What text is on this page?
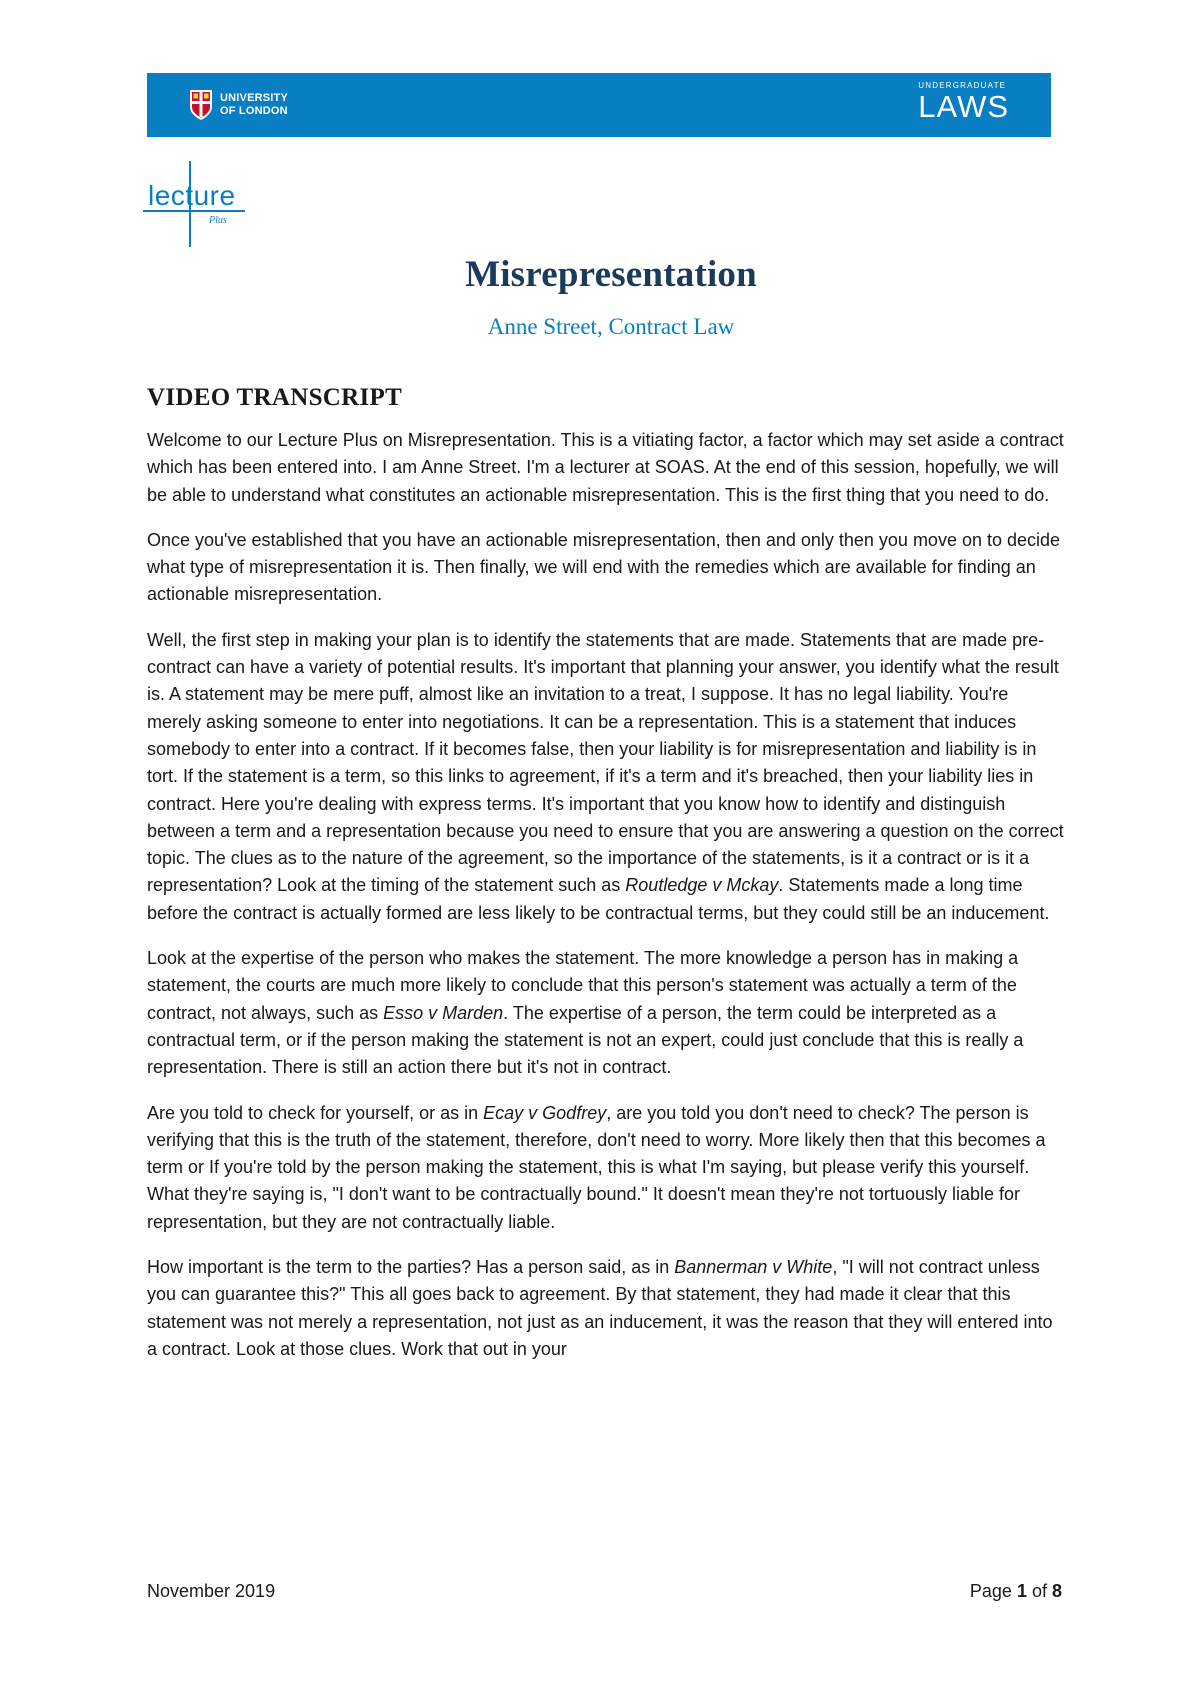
UNIVERSITY
OF LONDON
UNDERGRADUATE
LAWS
lecture
Plus
Misrepresentation
Anne Street, Contract Law
VIDEO TRANSCRIPT

Welcome to our Lecture Plus on Misrepresentation. This is a vitiating factor, a factor which may set aside a contract which has been entered into. I am Anne Street. I'm a lecturer at SOAS. At the end of this session, hopefully, we will be able to understand what constitutes an actionable misrepresentation. This is the first thing that you need to do.

Once you've established that you have an actionable misrepresentation, then and only then you move on to decide what type of misrepresentation it is. Then finally, we will end with the remedies which are available for finding an actionable misrepresentation.

Well, the first step in making your plan is to identify the statements that are made. Statements that are made pre-contract can have a variety of potential results. It's important that planning your answer, you identify what the result is. A statement may be mere puff, almost like an invitation to a treat, I suppose. It has no legal liability. You're merely asking someone to enter into negotiations. It can be a representation. This is a statement that induces somebody to enter into a contract. If it becomes false, then your liability is for misrepresentation and liability is in tort. If the statement is a term, so this links to agreement, if it's a term and it's breached, then your liability lies in contract. Here you're dealing with express terms. It's important that you know how to identify and distinguish between a term and a representation because you need to ensure that you are answering a question on the correct topic. The clues as to the nature of the agreement, so the importance of the statements, is it a contract or is it a representation? Look at the timing of the statement such as Routledge v Mckay. Statements made a long time before the contract is actually formed are less likely to be contractual terms, but they could still be an inducement.

Look at the expertise of the person who makes the statement. The more knowledge a person has in making a statement, the courts are much more likely to conclude that this person's statement was actually a term of the contract, not always, such as Esso v Marden. The expertise of a person, the term could be interpreted as a contractual term, or if the person making the statement is not an expert, could just conclude that this is really a representation. There is still an action there but it's not in contract.

Are you told to check for yourself, or as in Ecay v Godfrey, are you told you don't need to check? The person is verifying that this is the truth of the statement, therefore, don't need to worry. More likely then that this becomes a term or If you're told by the person making the statement, this is what I'm saying, but please verify this yourself. What they're saying is, "I don't want to be contractually bound." It doesn't mean they're not tortuously liable for representation, but they are not contractually liable.

How important is the term to the parties? Has a person said, as in Bannerman v White, "I will not contract unless you can guarantee this?" This all goes back to agreement. By that statement, they had made it clear that this statement was not merely a representation, not just as an inducement, it was the reason that they will entered into a contract. Look at those clues. Work that out in your

November 2019	Page 1 of 8
